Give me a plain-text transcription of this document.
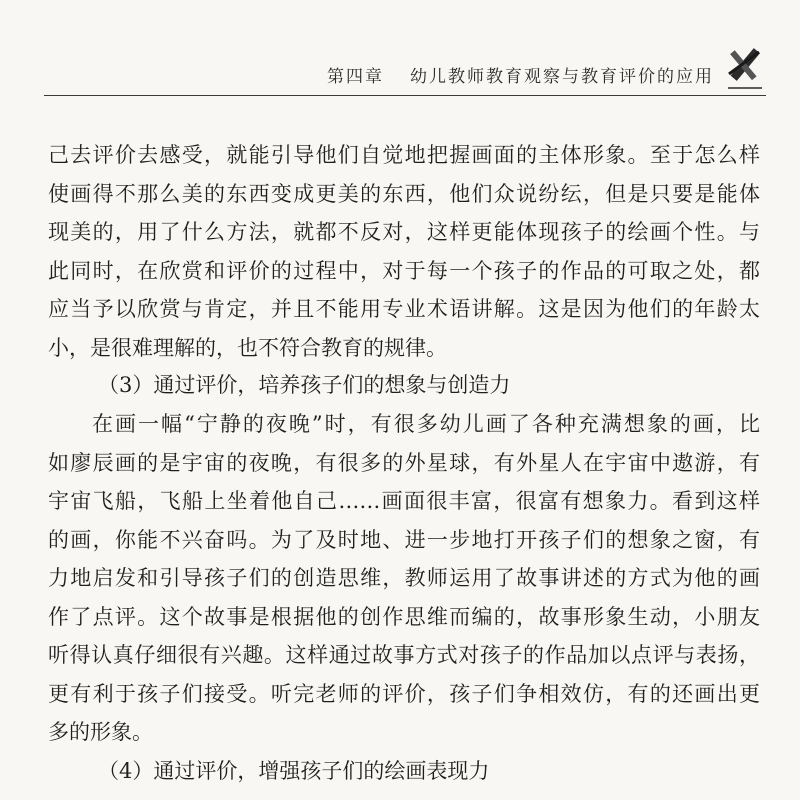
第四章 幼儿教师教育观察与教育评价的应用
己去评价去感受，就能引导他们自觉地把握画面的主体形象。至于怎么样
使画得不那么美的东西变成更美的东西，他们众说纷纭，但是只要是能体
现美的，用了什么方法，就都不反对，这样更能体现孩子的绘画个性。与
此同时，在欣赏和评价的过程中，对于每一个孩子的作品的可取之处，都
应当予以欣赏与肯定，并且不能用专业术语讲解。这是因为他们的年龄太
小，是很难理解的，也不符合教育的规律。
（3）通过评价，培养孩子们的想象与创造力
在画一幅“宁静的夜晚”时，有很多幼儿画了各种充满想象的画，比
如廖辰画的是宇宙的夜晚，有很多的外星球，有外星人在宇宙中遨游，有
宇宙飞船，飞船上坐着他自己……画面很丰富，很富有想象力。看到这样
的画，你能不兴奋吗。为了及时地、进一步地打开孩子们的想象之窗，有
力地启发和引导孩子们的创造思维，教师运用了故事讲述的方式为他的画
作了点评。这个故事是根据他的创作思维而编的，故事形象生动，小朋友
听得认真仔细很有兴趣。这样通过故事方式对孩子的作品加以点评与表扬，
更有利于孩子们接受。听完老师的评价，孩子们争相效仿，有的还画出更
多的形象。
（4）通过评价，增强孩子们的绘画表现力
